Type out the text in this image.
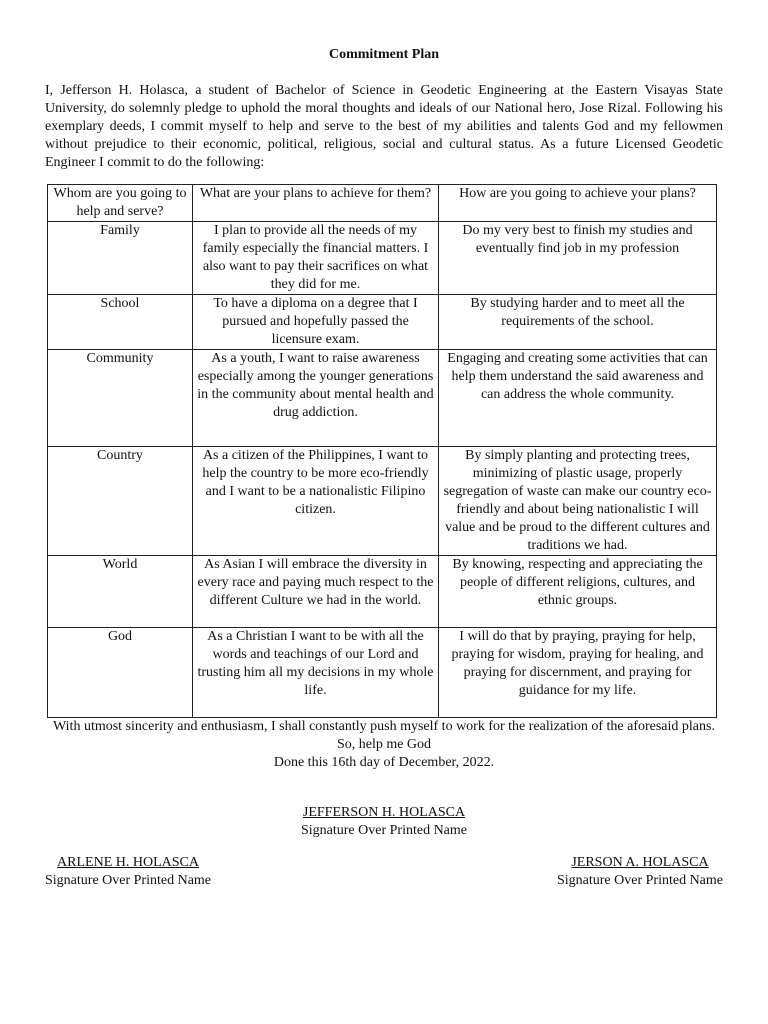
Commitment Plan

I, Jefferson H. Holasca, a student of Bachelor of Science in Geodetic Engineering at the Eastern Visayas State University, do solemnly pledge to uphold the moral thoughts and ideals of our National hero, Jose Rizal. Following his exemplary deeds, I commit myself to help and serve to the best of my abilities and talents God and my fellowmen without prejudice to their economic, political, religious, social and cultural status. As a future Licensed Geodetic Engineer I commit to do the following:

Whom are you going to help and serve?	What are your plans to achieve for them?	How are you going to achieve your plans?
Family	I plan to provide all the needs of my family especially the financial matters. I also want to pay their sacrifices on what they did for me.	Do my very best to finish my studies and eventually find job in my profession
School	To have a diploma on a degree that I pursued and hopefully passed the licensure exam.	By studying harder and to meet all the requirements of the school.
Community	As a youth, I want to raise awareness especially among the younger generations in the community about mental health and drug addiction.	Engaging and creating some activities that can help them understand the said awareness and can address the whole community.
Country	As a citizen of the Philippines, I want to help the country to be more eco-friendly and I want to be a nationalistic Filipino citizen.	By simply planting and protecting trees, minimizing of plastic usage, properly segregation of waste can make our country eco-friendly and about being nationalistic I will value and be proud to the different cultures and traditions we had.
World	As Asian I will embrace the diversity in every race and paying much respect to the different Culture we had in the world.	By knowing, respecting and appreciating the people of different religions, cultures, and ethnic groups.
God	As a Christian I want to be with all the words and teachings of our Lord and trusting him all my decisions in my whole life.	I will do that by praying, praying for help, praying for wisdom, praying for healing, and praying for discernment, and praying for guidance for my life.
With utmost sincerity and enthusiasm, I shall constantly push myself to work for the realization of the aforesaid plans. So, help me God
Done this 16th day of December, 2022.
JEFFERSON H. HOLASCA
Signature Over Printed Name
ARLENE H. HOLASCA
Signature Over Printed Name
JERSON A. HOLASCA
Signature Over Printed Name
